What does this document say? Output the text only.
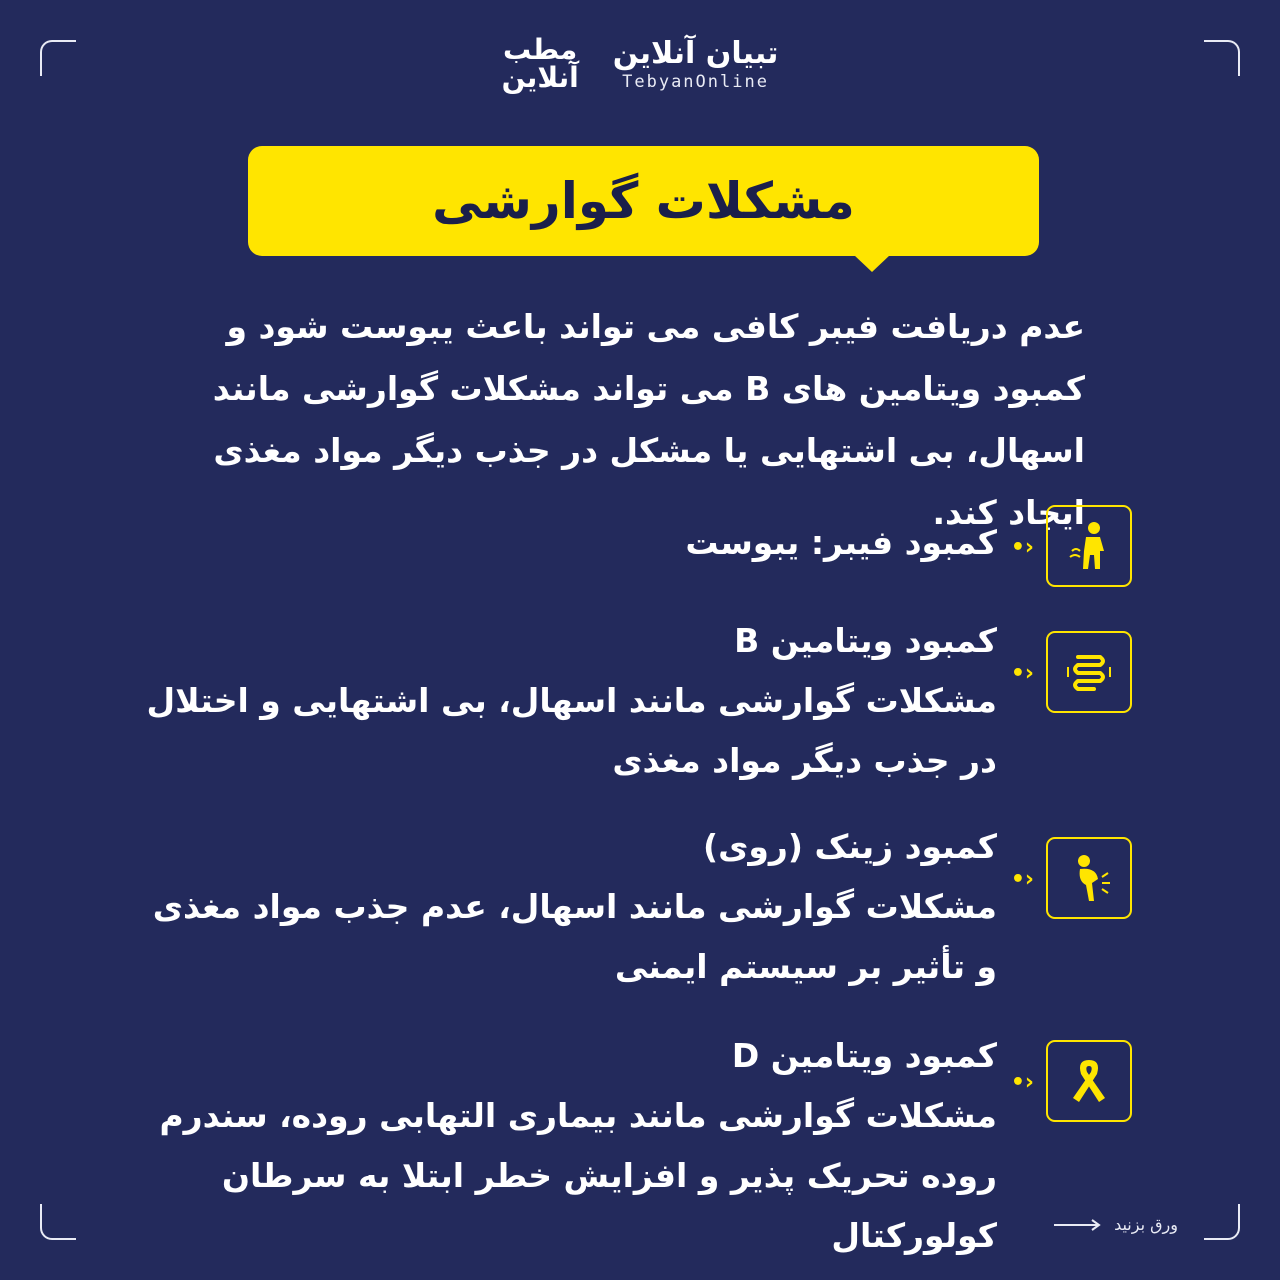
مطب
آنلاین
تبیان آنلاین
TebyanOnline
مشکلات گوارشی
عدم دریافت فیبر کافی می تواند باعث یبوست شود و کمبود ویتامین های B می تواند مشکلات گوارشی مانند اسهال، بی اشتهایی یا مشکل در جذب دیگر مواد مغذی ایجاد کند.
‹•
کمبود فیبر: یبوست
‹•
کمبود ویتامین B
مشکلات گوارشی مانند اسهال، بی اشتهایی و اختلال در جذب دیگر مواد مغذی
‹•
کمبود زینک (روی)
مشکلات گوارشی مانند اسهال، عدم جذب مواد مغذی و تأثیر بر سیستم ایمنی
‹•
کمبود ویتامین D
مشکلات گوارشی مانند بیماری التهابی روده، سندرم روده تحریک پذیر و افزایش خطر ابتلا به سرطان کولورکتال	ورق بزنید
